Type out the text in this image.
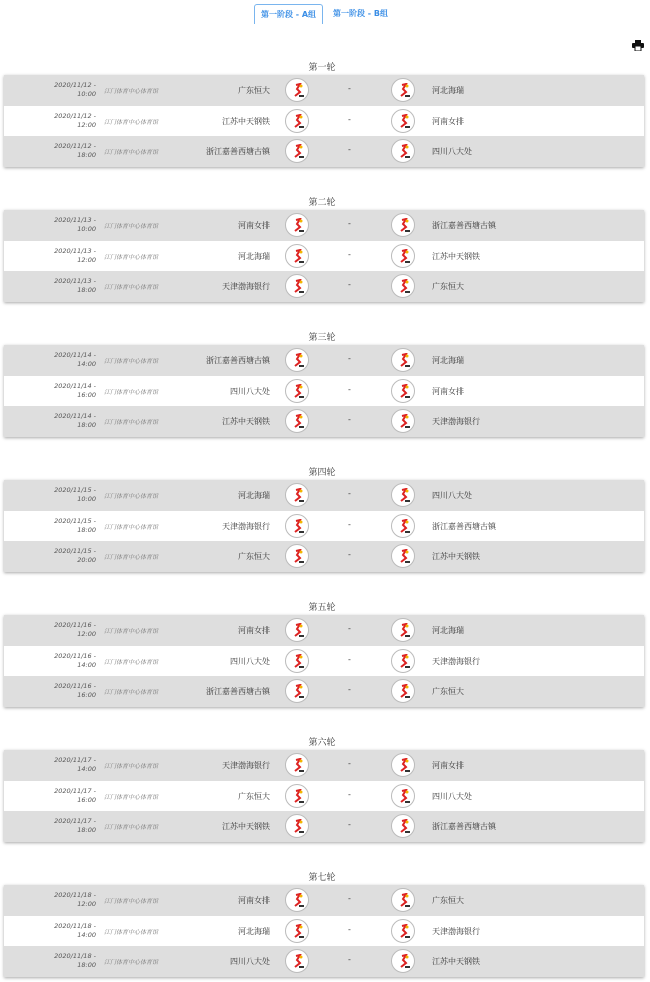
第一阶段 - A组	第一阶段 - B组
第一轮
2020/11/12 -
10:00 江门体育中心体育馆	广东恒大	-	河北海瑞
2020/11/12 -
12:00 江门体育中心体育馆	江苏中天钢铁	-	河南女排
2020/11/12 -
18:00 江门体育中心体育馆	浙江嘉善西塘古镇	-	四川八大处
第二轮
2020/11/13 -
10:00 江门体育中心体育馆	河南女排	-	浙江嘉善西塘古镇
2020/11/13 -
12:00 江门体育中心体育馆	河北海瑞	-	江苏中天钢铁
2020/11/13 -
18:00 江门体育中心体育馆	天津渤海银行	-	广东恒大
第三轮
2020/11/14 -
14:00 江门体育中心体育馆	浙江嘉善西塘古镇	-	河北海瑞
2020/11/14 -
16:00 江门体育中心体育馆	四川八大处	-	河南女排
2020/11/14 -
18:00 江门体育中心体育馆	江苏中天钢铁	-	天津渤海银行
第四轮
2020/11/15 -
10:00 江门体育中心体育馆	河北海瑞	-	四川八大处
2020/11/15 -
18:00 江门体育中心体育馆	天津渤海银行	-	浙江嘉善西塘古镇
2020/11/15 -
20:00 江门体育中心体育馆	广东恒大	-	江苏中天钢铁
第五轮
2020/11/16 -
12:00 江门体育中心体育馆	河南女排	-	河北海瑞
2020/11/16 -
14:00 江门体育中心体育馆	四川八大处	-	天津渤海银行
2020/11/16 -
16:00 江门体育中心体育馆	浙江嘉善西塘古镇	-	广东恒大
第六轮
2020/11/17 -
14:00 江门体育中心体育馆	天津渤海银行	-	河南女排
2020/11/17 -
16:00 江门体育中心体育馆	广东恒大	-	四川八大处
2020/11/17 -
18:00 江门体育中心体育馆	江苏中天钢铁	-	浙江嘉善西塘古镇
第七轮
2020/11/18 -
12:00 江门体育中心体育馆	河南女排	-	广东恒大
2020/11/18 -
14:00 江门体育中心体育馆	河北海瑞	-	天津渤海银行
2020/11/18 -
18:00 江门体育中心体育馆	四川八大处	-	江苏中天钢铁
